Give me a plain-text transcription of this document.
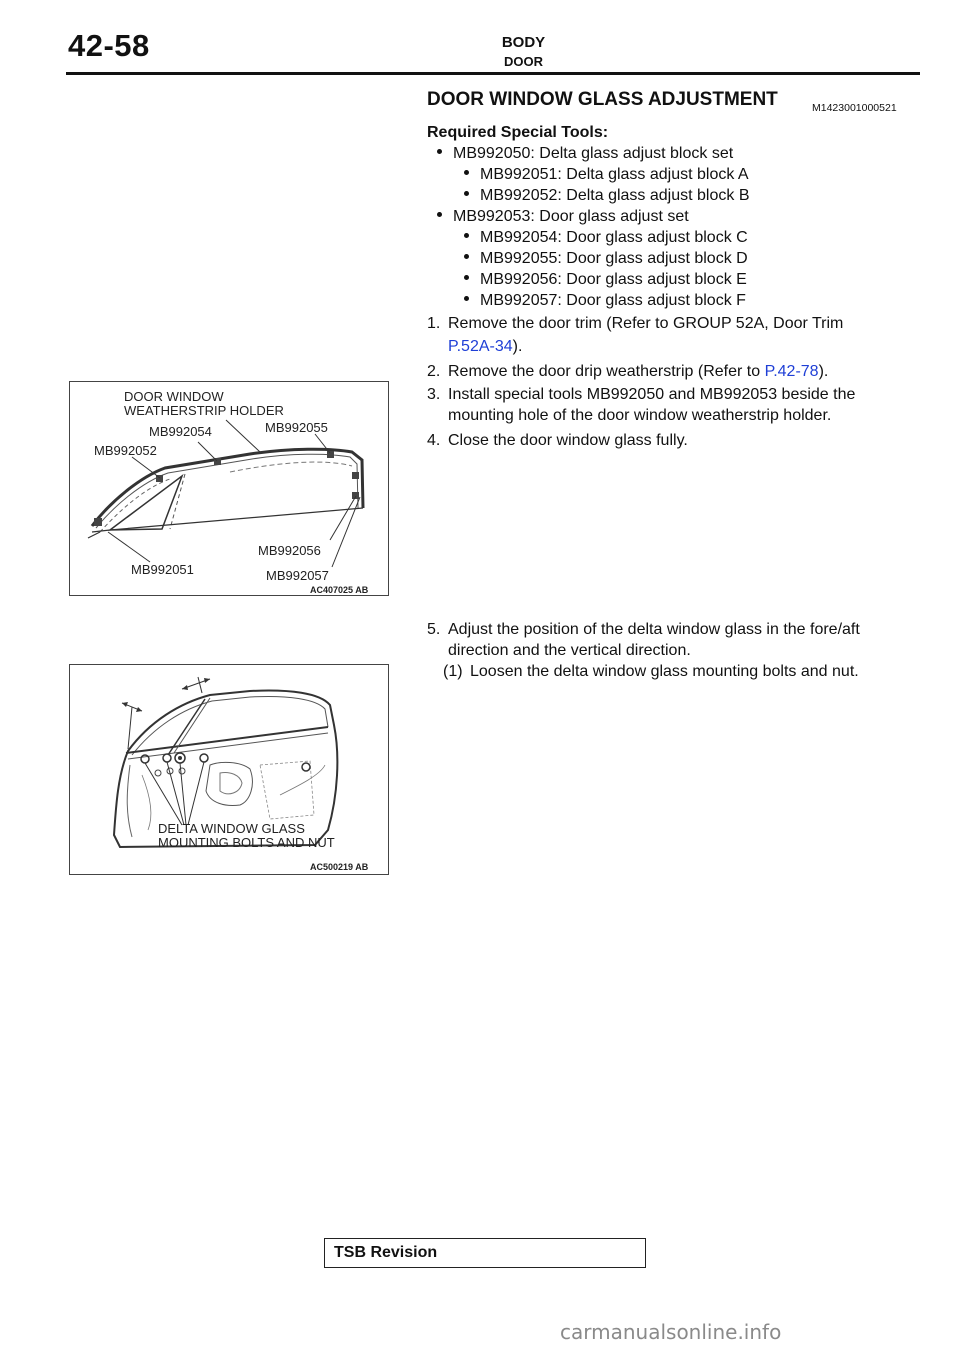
42-58	BODY
DOOR
DOOR WINDOW GLASS ADJUSTMENT	M1423001000521
Required Special Tools:
MB992050: Delta glass adjust block set
MB992051: Delta glass adjust block A
MB992052: Delta glass adjust block B
MB992053: Door glass adjust set
MB992054: Door glass adjust block C
MB992055: Door glass adjust block D
MB992056: Door glass adjust block E
MB992057: Door glass adjust block F
1. Remove the door trim (Refer to GROUP 52A, Door Trim
P.52A-34).
2. Remove the door drip weatherstrip (Refer to P.42-78).
3. Install special tools MB992050 and MB992053 beside the
mounting hole of the door window weatherstrip holder.
4. Close the door window glass fully.
5. Adjust the position of the delta window glass in the fore/aft
direction and the vertical direction.
(1) Loosen the delta window glass mounting bolts and nut.
DOOR WINDOW
WEATHERSTRIP HOLDER
MB992054	MB992055
MB992052
MB992056
MB992051	MB992057
AC407025 AB
DELTA WINDOW GLASS
MOUNTING BOLTS AND NUT
AC500219 AB
TSB Revision
carmanualsonline.info
